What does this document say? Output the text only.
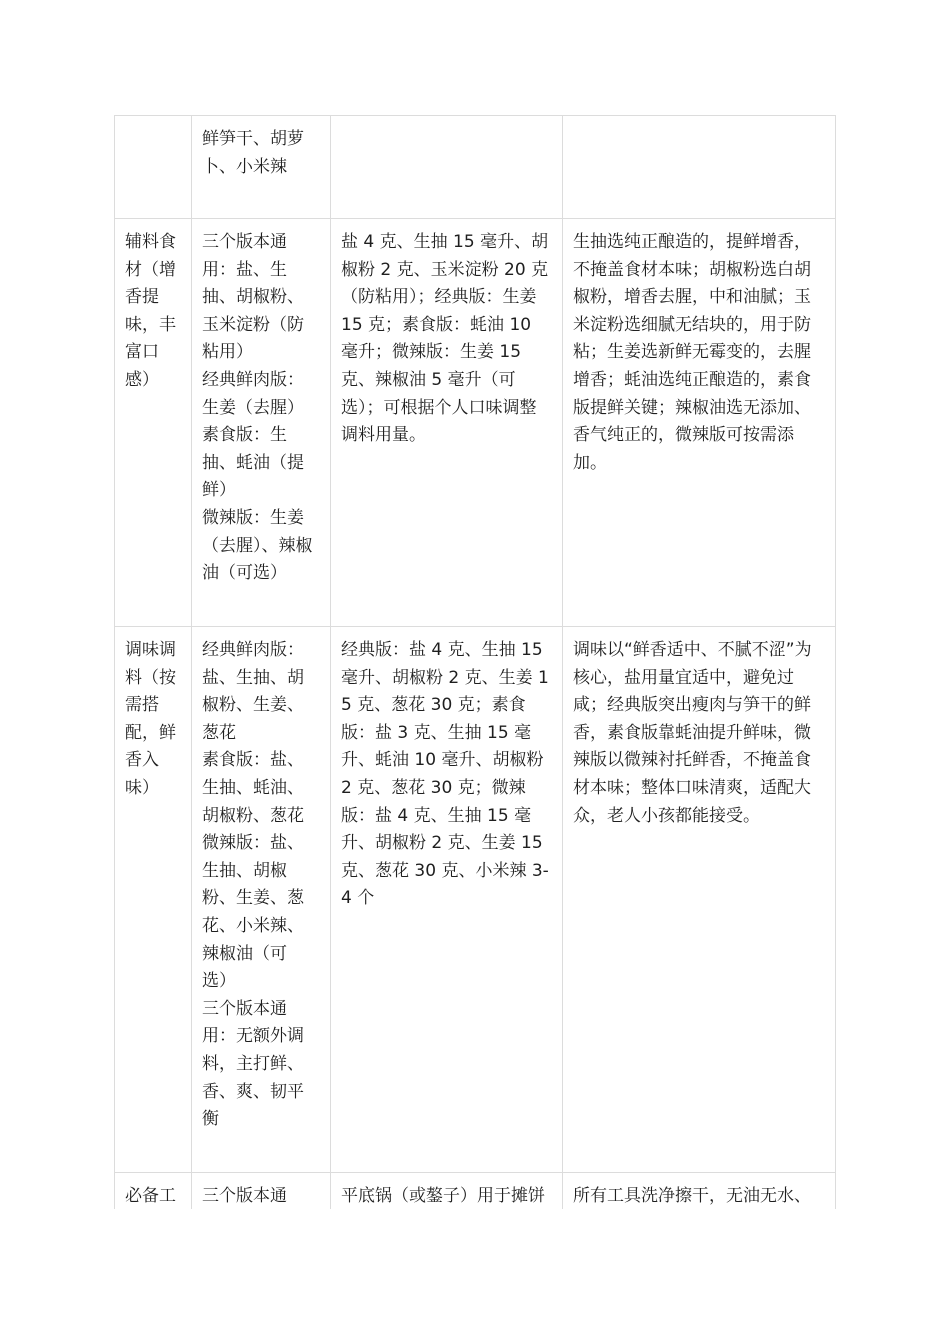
	鲜笋干、胡萝卜、小米辣		
辅料食材（增香提味，丰富口感）	三个版本通用：盐、生抽、胡椒粉、玉米淀粉（防粘用）
经典鲜肉版：生姜（去腥）
素食版：生抽、蚝油（提鲜）
微辣版：生姜（去腥）、辣椒油（可选）	盐 4 克、生抽 15 毫升、胡椒粉 2 克、玉米淀粉 20 克（防粘用）；经典版：生姜 15 克；素食版：蚝油 10 毫升；微辣版：生姜 15 克、辣椒油 5 毫升（可选）；可根据个人口味调整调料用量。	生抽选纯正酿造的，提鲜增香，不掩盖食材本味；胡椒粉选白胡椒粉，增香去腥，中和油腻；玉米淀粉选细腻无结块的，用于防粘；生姜选新鲜无霉变的，去腥增香；蚝油选纯正酿造的，素食版提鲜关键；辣椒油选无添加、香气纯正的，微辣版可按需添加。
调味调料（按需搭配，鲜香入味）	经典鲜肉版：盐、生抽、胡椒粉、生姜、葱花
素食版：盐、生抽、蚝油、胡椒粉、葱花
微辣版：盐、生抽、胡椒粉、生姜、葱花、小米辣、辣椒油（可选）
三个版本通用：无额外调料，主打鲜、香、爽、韧平衡	经典版：盐 4 克、生抽 15 毫升、胡椒粉 2 克、生姜 15 克、葱花 30 克；素食版：盐 3 克、生抽 15 毫升、蚝油 10 毫升、胡椒粉 2 克、葱花 30 克；微辣版：盐 4 克、生抽 15 毫升、胡椒粉 2 克、生姜 15 克、葱花 30 克、小米辣 3-4 个	调味以“鲜香适中、不腻不涩”为核心，盐用量宜适中，避免过咸；经典版突出瘦肉与笋干的鲜香，素食版靠蚝油提升鲜味，微辣版以微辣衬托鲜香，不掩盖食材本味；整体口味清爽，适配大众，老人小孩都能接受。
必备工	三个版本通	平底锅（或鏊子）用于摊饼	所有工具洗净擦干，无油无水、
